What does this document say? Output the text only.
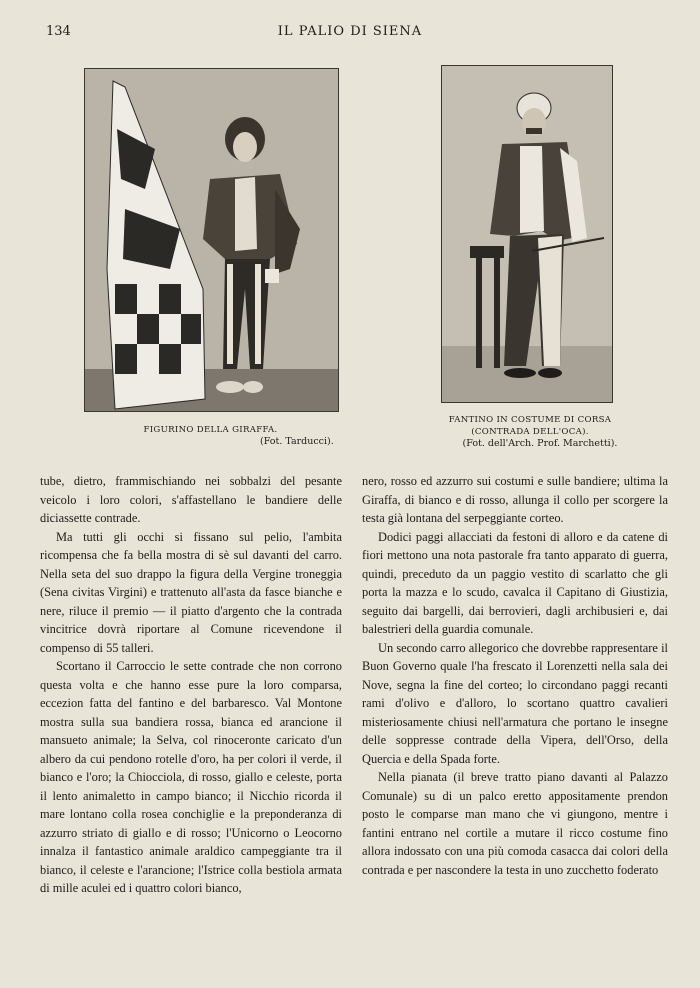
134	IL PALIO DI SIENA
FIGURINO DELLA GIRAFFA.
(Fot. Tarducci).
FANTINO IN COSTUME DI CORSA
(CONTRADA DELL'OCA).
(Fot. dell'Arch. Prof. Marchetti).

tube, dietro, frammischiando nei sobbalzi del pesante veicolo i loro colori, s'affastellano le bandiere delle diciassette contrade.

Ma tutti gli occhi si fissano sul pelio, l'ambita ricompensa che fa bella mostra di sè sul davanti del carro. Nella seta del suo drappo la figura della Vergine troneggia (Sena civitas Virgini) e trattenuto all'asta da fasce bianche e nere, riluce il premio — il piatto d'argento che la contrada vincitrice dovrà riportare al Comune ricevendone il compenso di 55 talleri.

Scortano il Carroccio le sette contrade che non corrono questa volta e che hanno esse pure la loro comparsa, eccezion fatta del fantino e del barbaresco. Val Montone mostra sulla sua bandiera rossa, bianca ed arancione il mansueto animale; la Selva, col rinoceronte caricato d'un albero da cui pendono rotelle d'oro, ha per colori il verde, il bianco e l'oro; la Chiocciola, di rosso, giallo e celeste, porta il lento animaletto in campo bianco; il Nicchio ricorda il mare lontano colla rosea conchiglie e la preponderanza di azzurro striato di giallo e di rosso; l'Unicorno o Leocorno innalza il fantastico animale araldico campeggiante tra il bianco, il celeste e l'arancione; l'Istrice colla bestiola armata di mille aculei ed i quattro colori bianco,

nero, rosso ed azzurro sui costumi e sulle bandiere; ultima la Giraffa, di bianco e di rosso, allunga il collo per scorgere la testa già lontana del serpeggiante corteo.

Dodici paggi allacciati da festoni di alloro e da catene di fiori mettono una nota pastorale fra tanto apparato di guerra, quindi, preceduto da un paggio vestito di scarlatto che gli porta la mazza e lo scudo, cavalca il Capitano di Giustizia, seguito dai bargelli, dai berrovieri, dagli archibusieri e, dai balestrieri della guardia comunale.

Un secondo carro allegorico che dovrebbe rappresentare il Buon Governo quale l'ha frescato il Lorenzetti nella sala dei Nove, segna la fine del corteo; lo circondano paggi recanti rami d'olivo e d'alloro, lo scortano quattro cavalieri misteriosamente chiusi nell'armatura che portano le insegne delle soppresse contrade della Vipera, dell'Orso, della Quercia e della Spada forte.

Nella pianata (il breve tratto piano davanti al Palazzo Comunale) su di un palco eretto appositamente prendon posto le comparse man mano che vi giungono, mentre i fantini entrano nel cortile a mutare il ricco costume fino allora indossato con una più comoda casacca dai colori della contrada e per nascondere la testa in uno zucchetto foderato
